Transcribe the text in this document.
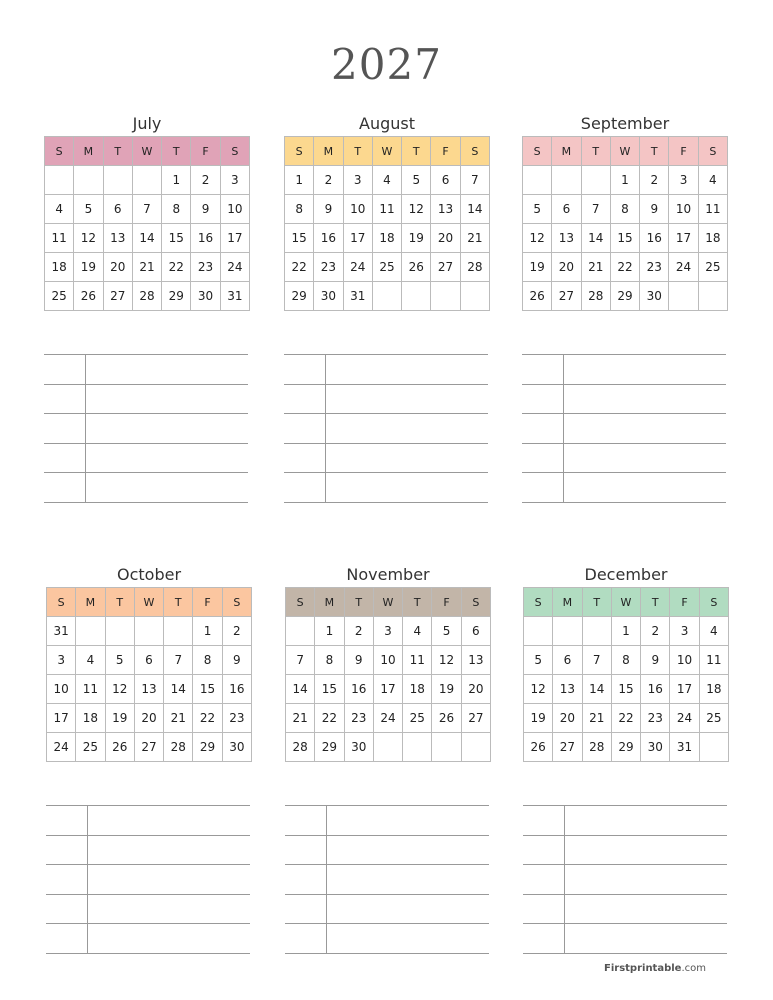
2027
July
S	M	T	W	T	F	S
				1	2	3
4	5	6	7	8	9	10
11	12	13	14	15	16	17
18	19	20	21	22	23	24
25	26	27	28	29	30	31
August
S	M	T	W	T	F	S
1	2	3	4	5	6	7
8	9	10	11	12	13	14
15	16	17	18	19	20	21
22	23	24	25	26	27	28
29	30	31				
September
S	M	T	W	T	F	S
			1	2	3	4
5	6	7	8	9	10	11
12	13	14	15	16	17	18
19	20	21	22	23	24	25
26	27	28	29	30		
October
S	M	T	W	T	F	S
31					1	2
3	4	5	6	7	8	9
10	11	12	13	14	15	16
17	18	19	20	21	22	23
24	25	26	27	28	29	30
November
S	M	T	W	T	F	S
	1	2	3	4	5	6
7	8	9	10	11	12	13
14	15	16	17	18	19	20
21	22	23	24	25	26	27
28	29	30				
December
S	M	T	W	T	F	S
			1	2	3	4
5	6	7	8	9	10	11
12	13	14	15	16	17	18
19	20	21	22	23	24	25
26	27	28	29	30	31	
Firstprintable.com
